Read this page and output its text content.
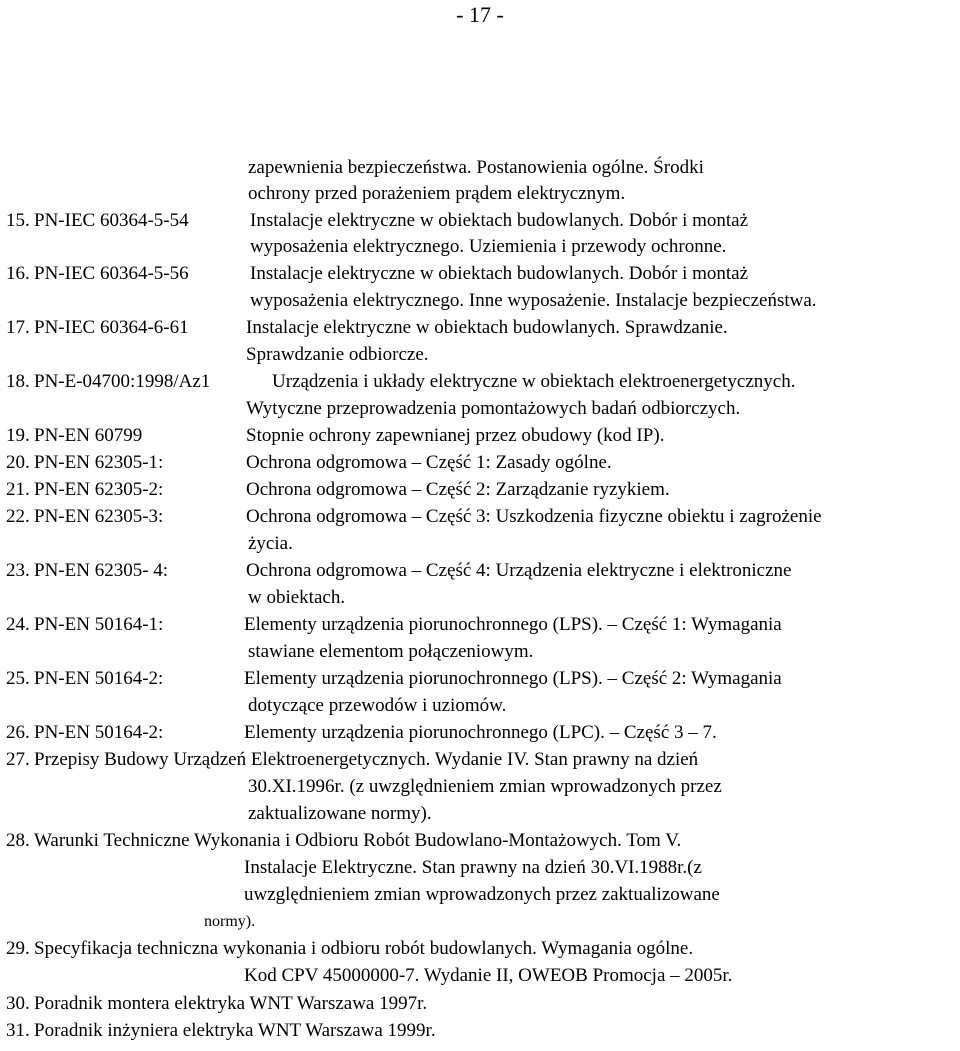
- 17 -
zapewnienia bezpieczeństwa. Postanowienia ogólne. Środki
ochrony przed porażeniem prądem elektrycznym.
15. PN-IEC 60364-5-54	Instalacje elektryczne w obiektach budowlanych. Dobór i montaż
wyposażenia elektrycznego. Uziemienia i przewody ochronne.
16. PN-IEC 60364-5-56	Instalacje elektryczne w obiektach budowlanych. Dobór i montaż
wyposażenia elektrycznego. Inne wyposażenie. Instalacje bezpieczeństwa.
17. PN-IEC 60364-6-61	Instalacje elektryczne w obiektach budowlanych. Sprawdzanie.
Sprawdzanie odbiorcze.
18. PN-E-04700:1998/Az1	Urządzenia i układy elektryczne w obiektach elektroenergetycznych.
Wytyczne przeprowadzenia pomontażowych badań odbiorczych.
19. PN-EN 60799	Stopnie ochrony zapewnianej przez obudowy (kod IP).
20. PN-EN 62305-1:	Ochrona odgromowa – Część 1: Zasady ogólne.
21. PN-EN 62305-2:	Ochrona odgromowa – Część 2: Zarządzanie ryzykiem.
22. PN-EN 62305-3:	Ochrona odgromowa – Część 3: Uszkodzenia fizyczne obiektu i zagrożenie
życia.
23. PN-EN 62305- 4:	Ochrona odgromowa – Część 4: Urządzenia elektryczne i elektroniczne
w obiektach.
24. PN-EN 50164-1:	Elementy urządzenia piorunochronnego (LPS). – Część 1: Wymagania
stawiane elementom połączeniowym.
25. PN-EN 50164-2:	Elementy urządzenia piorunochronnego (LPS). – Część 2: Wymagania
dotyczące przewodów i uziomów.
26. PN-EN 50164-2:	Elementy urządzenia piorunochronnego (LPC). – Część 3 – 7.
27. Przepisy Budowy Urządzeń Elektroenergetycznych. Wydanie IV. Stan prawny na dzień
30.XI.1996r. (z uwzględnieniem zmian wprowadzonych przez
zaktualizowane normy).
28. Warunki Techniczne Wykonania i Odbioru Robót Budowlano-Montażowych. Tom V.
Instalacje Elektryczne. Stan prawny na dzień 30.VI.1988r.(z
uwzględnieniem zmian wprowadzonych przez zaktualizowane
normy).
29. Specyfikacja techniczna wykonania i odbioru robót budowlanych. Wymagania ogólne.
Kod CPV 45000000-7. Wydanie II, OWEOB Promocja – 2005r.
30. Poradnik montera elektryka WNT Warszawa 1997r.
31. Poradnik inżyniera elektryka WNT Warszawa 1999r.
